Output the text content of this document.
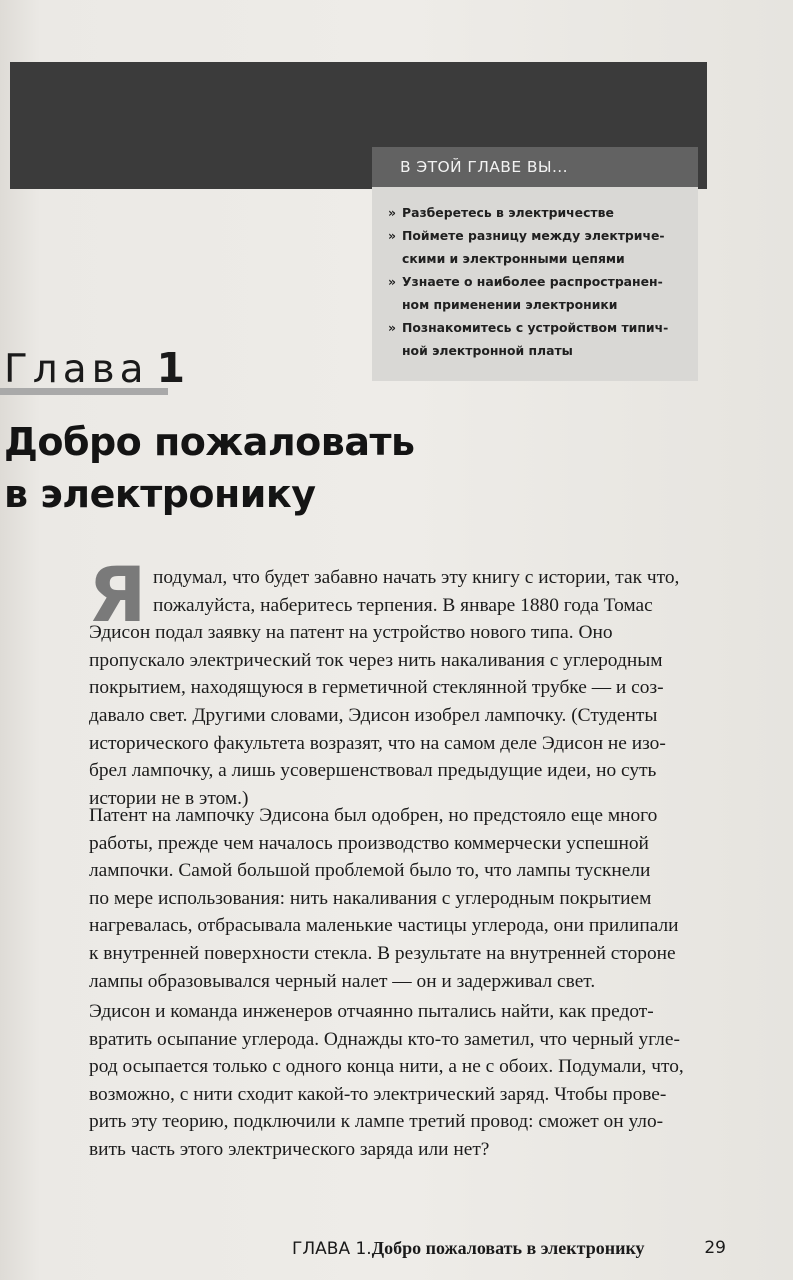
В ЭТОЙ ГЛАВЕ ВЫ...
» Разберетесь в электричестве
» Поймете разницу между электриче-
скими и электронными цепями
» Узнаете о наиболее распространен-
ном применении электроники
» Познакомитесь с устройством типич-
ной электронной платы
Глава 1
Добро пожаловать
в электронику
Я подумал, что будет забавно начать эту книгу с истории, так что,
пожалуйста, наберитесь терпения. В январе 1880 года Томас
Эдисон подал заявку на патент на устройство нового типа. Оно
пропускало электрический ток через нить накаливания с углеродным
покрытием, находящуюся в герметичной стеклянной трубке — и соз-
давало свет. Другими словами, Эдисон изобрел лампочку. (Студенты
исторического факультета возразят, что на самом деле Эдисон не изо-
брел лампочку, а лишь усовершенствовал предыдущие идеи, но суть
истории не в этом.)
Патент на лампочку Эдисона был одобрен, но предстояло еще много
работы, прежде чем началось производство коммерчески успешной
лампочки. Самой большой проблемой было то, что лампы тускнели
по мере использования: нить накаливания с углеродным покрытием
нагревалась, отбрасывала маленькие частицы углерода, они прилипали
к внутренней поверхности стекла. В результате на внутренней стороне
лампы образовывался черный налет — он и задерживал свет.
Эдисон и команда инженеров отчаянно пытались найти, как предот-
вратить осыпание углерода. Однажды кто-то заметил, что черный угле-
род осыпается только с одного конца нити, а не с обоих. Подумали, что,
возможно, с нити сходит какой-то электрический заряд. Чтобы прове-
рить эту теорию, подключили к лампе третий провод: сможет он уло-
вить часть этого электрического заряда или нет?
ГЛАВА 1.Добро пожаловать в электронику	29
